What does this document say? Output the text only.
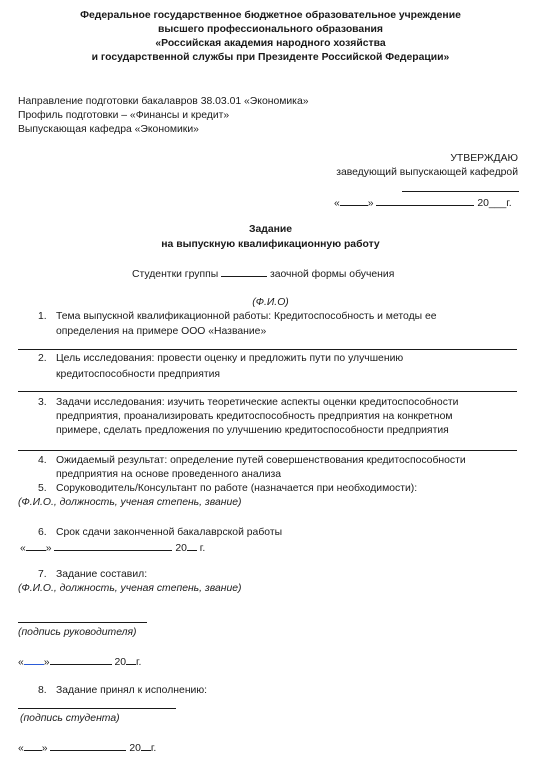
Федеральное государственное бюджетное образовательное учреждение
высшего профессионального образования
«Российская академия народного хозяйства
и государственной службы при Президенте Российской Федерации»
Направление подготовки бакалавров 38.03.01 «Экономика»
Профиль подготовки – «Финансы и кредит»
Выпускающая кафедра «Экономики»
УТВЕРЖДАЮ
заведующий выпускающей кафедрой
«	»	20___г.
Задание
на выпускную квалификационную работу
Студентки группы	заочной формы обучения
(Ф.И.О)
1. Тема выпускной квалификационной работы: Кредитоспособность и методы ее
определения на примере ООО «Название»
2. Цель исследования: провести оценку и предложить пути по улучшению
кредитоспособности предприятия
3. Задачи исследования: изучить теоретические аспекты оценки кредитоспособности
предприятия, проанализировать кредитоспособность предприятия на конкретном
примере, сделать предложения по улучшению кредитоспособности предприятия
4. Ожидаемый результат: определение путей совершенствования кредитоспособности
предприятия на основе проведенного анализа
5. Соруководитель/Консультант по работе (назначается при необходимости):
(Ф.И.О., должность, ученая степень, звание)
6. Срок сдачи законченной бакалаврской работы
« »	20 г.
7. Задание составил:
(Ф.И.О., должность, ученая степень, звание)
(подпись руководителя)
« »	20 г.
8. Задание принял к исполнению:
(подпись студента)
« »	20 г.
